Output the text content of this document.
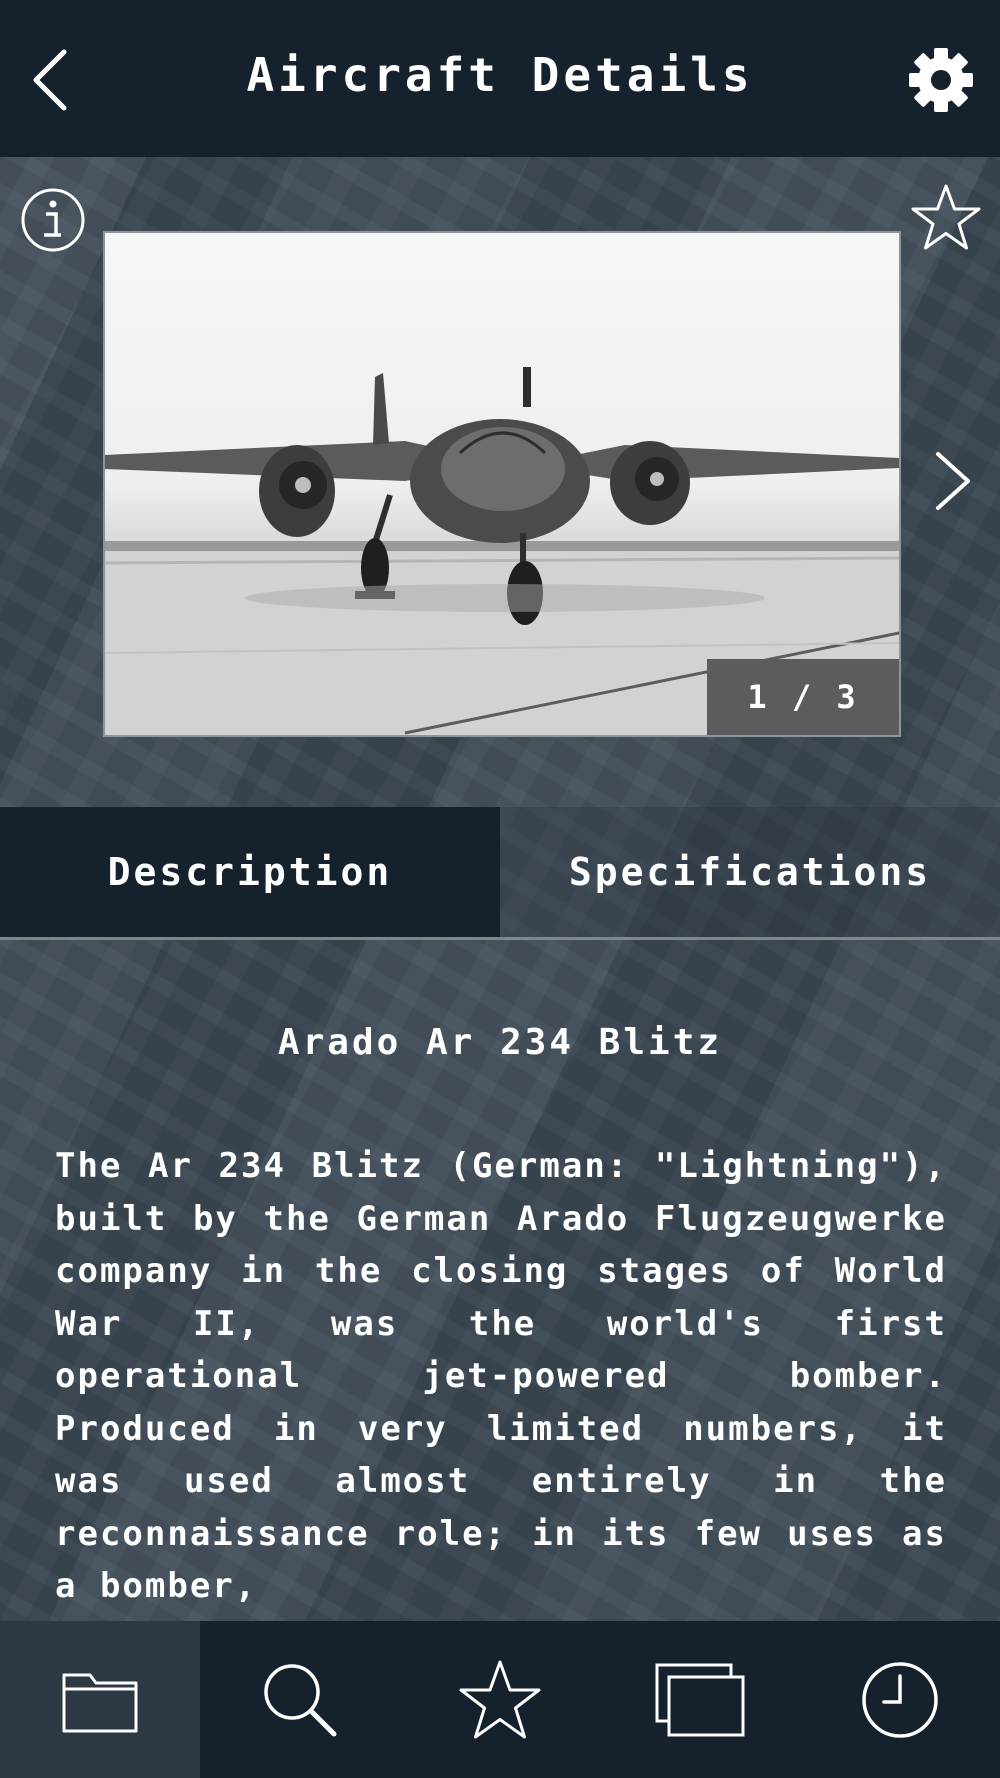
Aircraft Details
1 / 3
Description	Specifications
Arado Ar 234 Blitz

The Ar 234 Blitz (German: "Lightning"), built by the German Arado Flugzeugwerke company in the closing stages of World War II, was the world's first operational jet-powered bomber. Produced in very limited numbers, it was used almost entirely in the reconnaissance role; in its few uses as a bomber,
